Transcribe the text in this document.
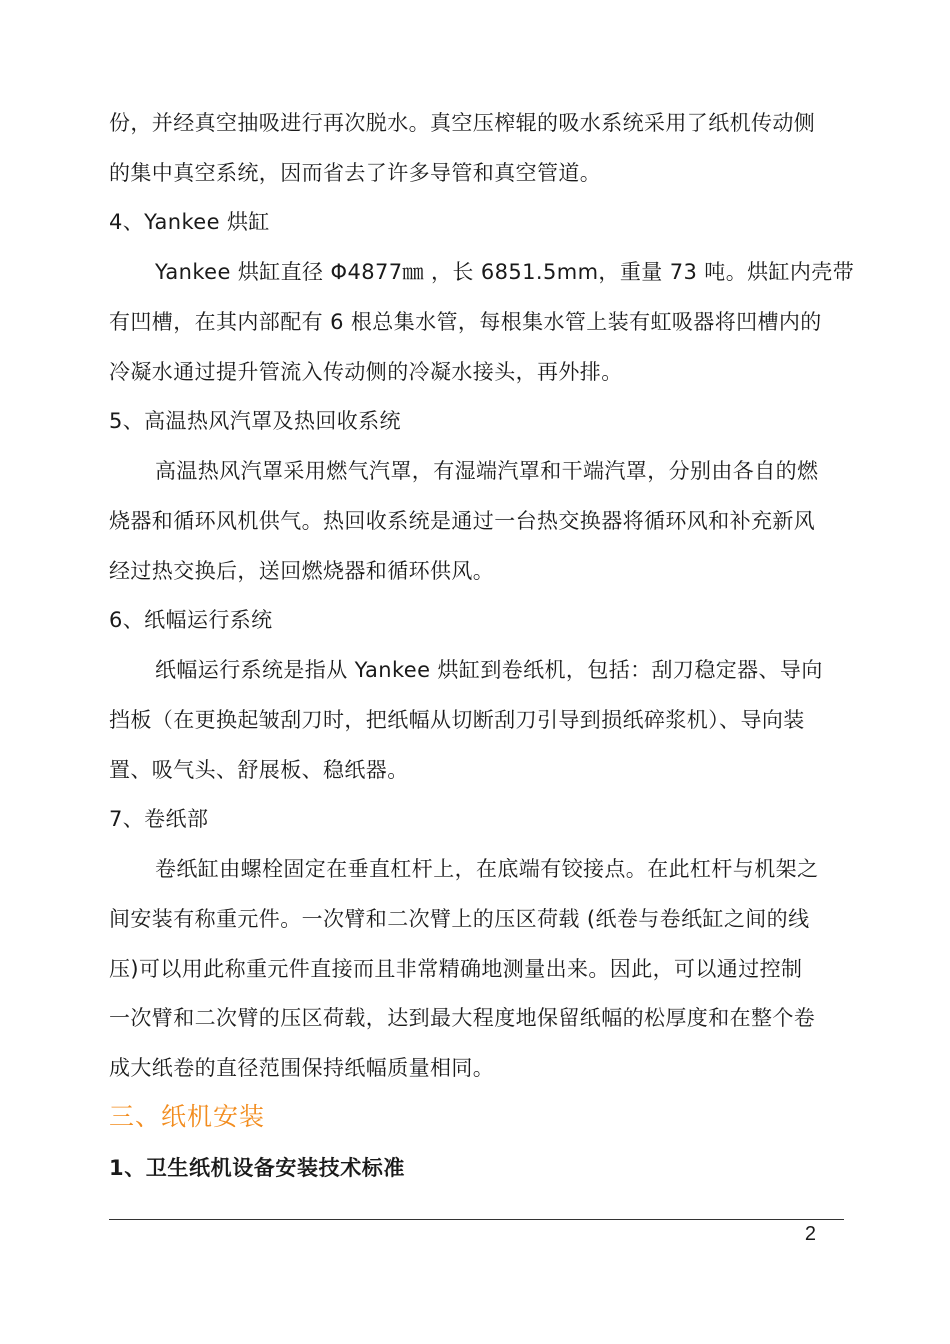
份，并经真空抽吸进行再次脱水。真空压榨辊的吸水系统采用了纸机传动侧
的集中真空系统，因而省去了许多导管和真空管道。
4、Yankee 烘缸
Yankee 烘缸直径 Φ4877㎜ ，长 6851.5mm，重量 73 吨。烘缸内壳带
有凹槽，在其内部配有 6 根总集水管，每根集水管上装有虹吸器将凹槽内的
冷凝水通过提升管流入传动侧的冷凝水接头，再外排。
5、高温热风汽罩及热回收系统
高温热风汽罩采用燃气汽罩，有湿端汽罩和干端汽罩，分别由各自的燃
烧器和循环风机供气。热回收系统是通过一台热交换器将循环风和补充新风
经过热交换后，送回燃烧器和循环供风。
6、纸幅运行系统
纸幅运行系统是指从 Yankee 烘缸到卷纸机，包括：刮刀稳定器、导向
挡板（在更换起皱刮刀时，把纸幅从切断刮刀引导到损纸碎浆机）、导向装
置、吸气头、舒展板、稳纸器。
7、卷纸部
卷纸缸由螺栓固定在垂直杠杆上，在底端有铰接点。在此杠杆与机架之
间安装有称重元件。一次臂和二次臂上的压区荷载 (纸卷与卷纸缸之间的线
压)可以用此称重元件直接而且非常精确地测量出来。因此，可以通过控制
一次臂和二次臂的压区荷载，达到最大程度地保留纸幅的松厚度和在整个卷
成大纸卷的直径范围保持纸幅质量相同。
三、纸机安装
1、卫生纸机设备安装技术标准
2
